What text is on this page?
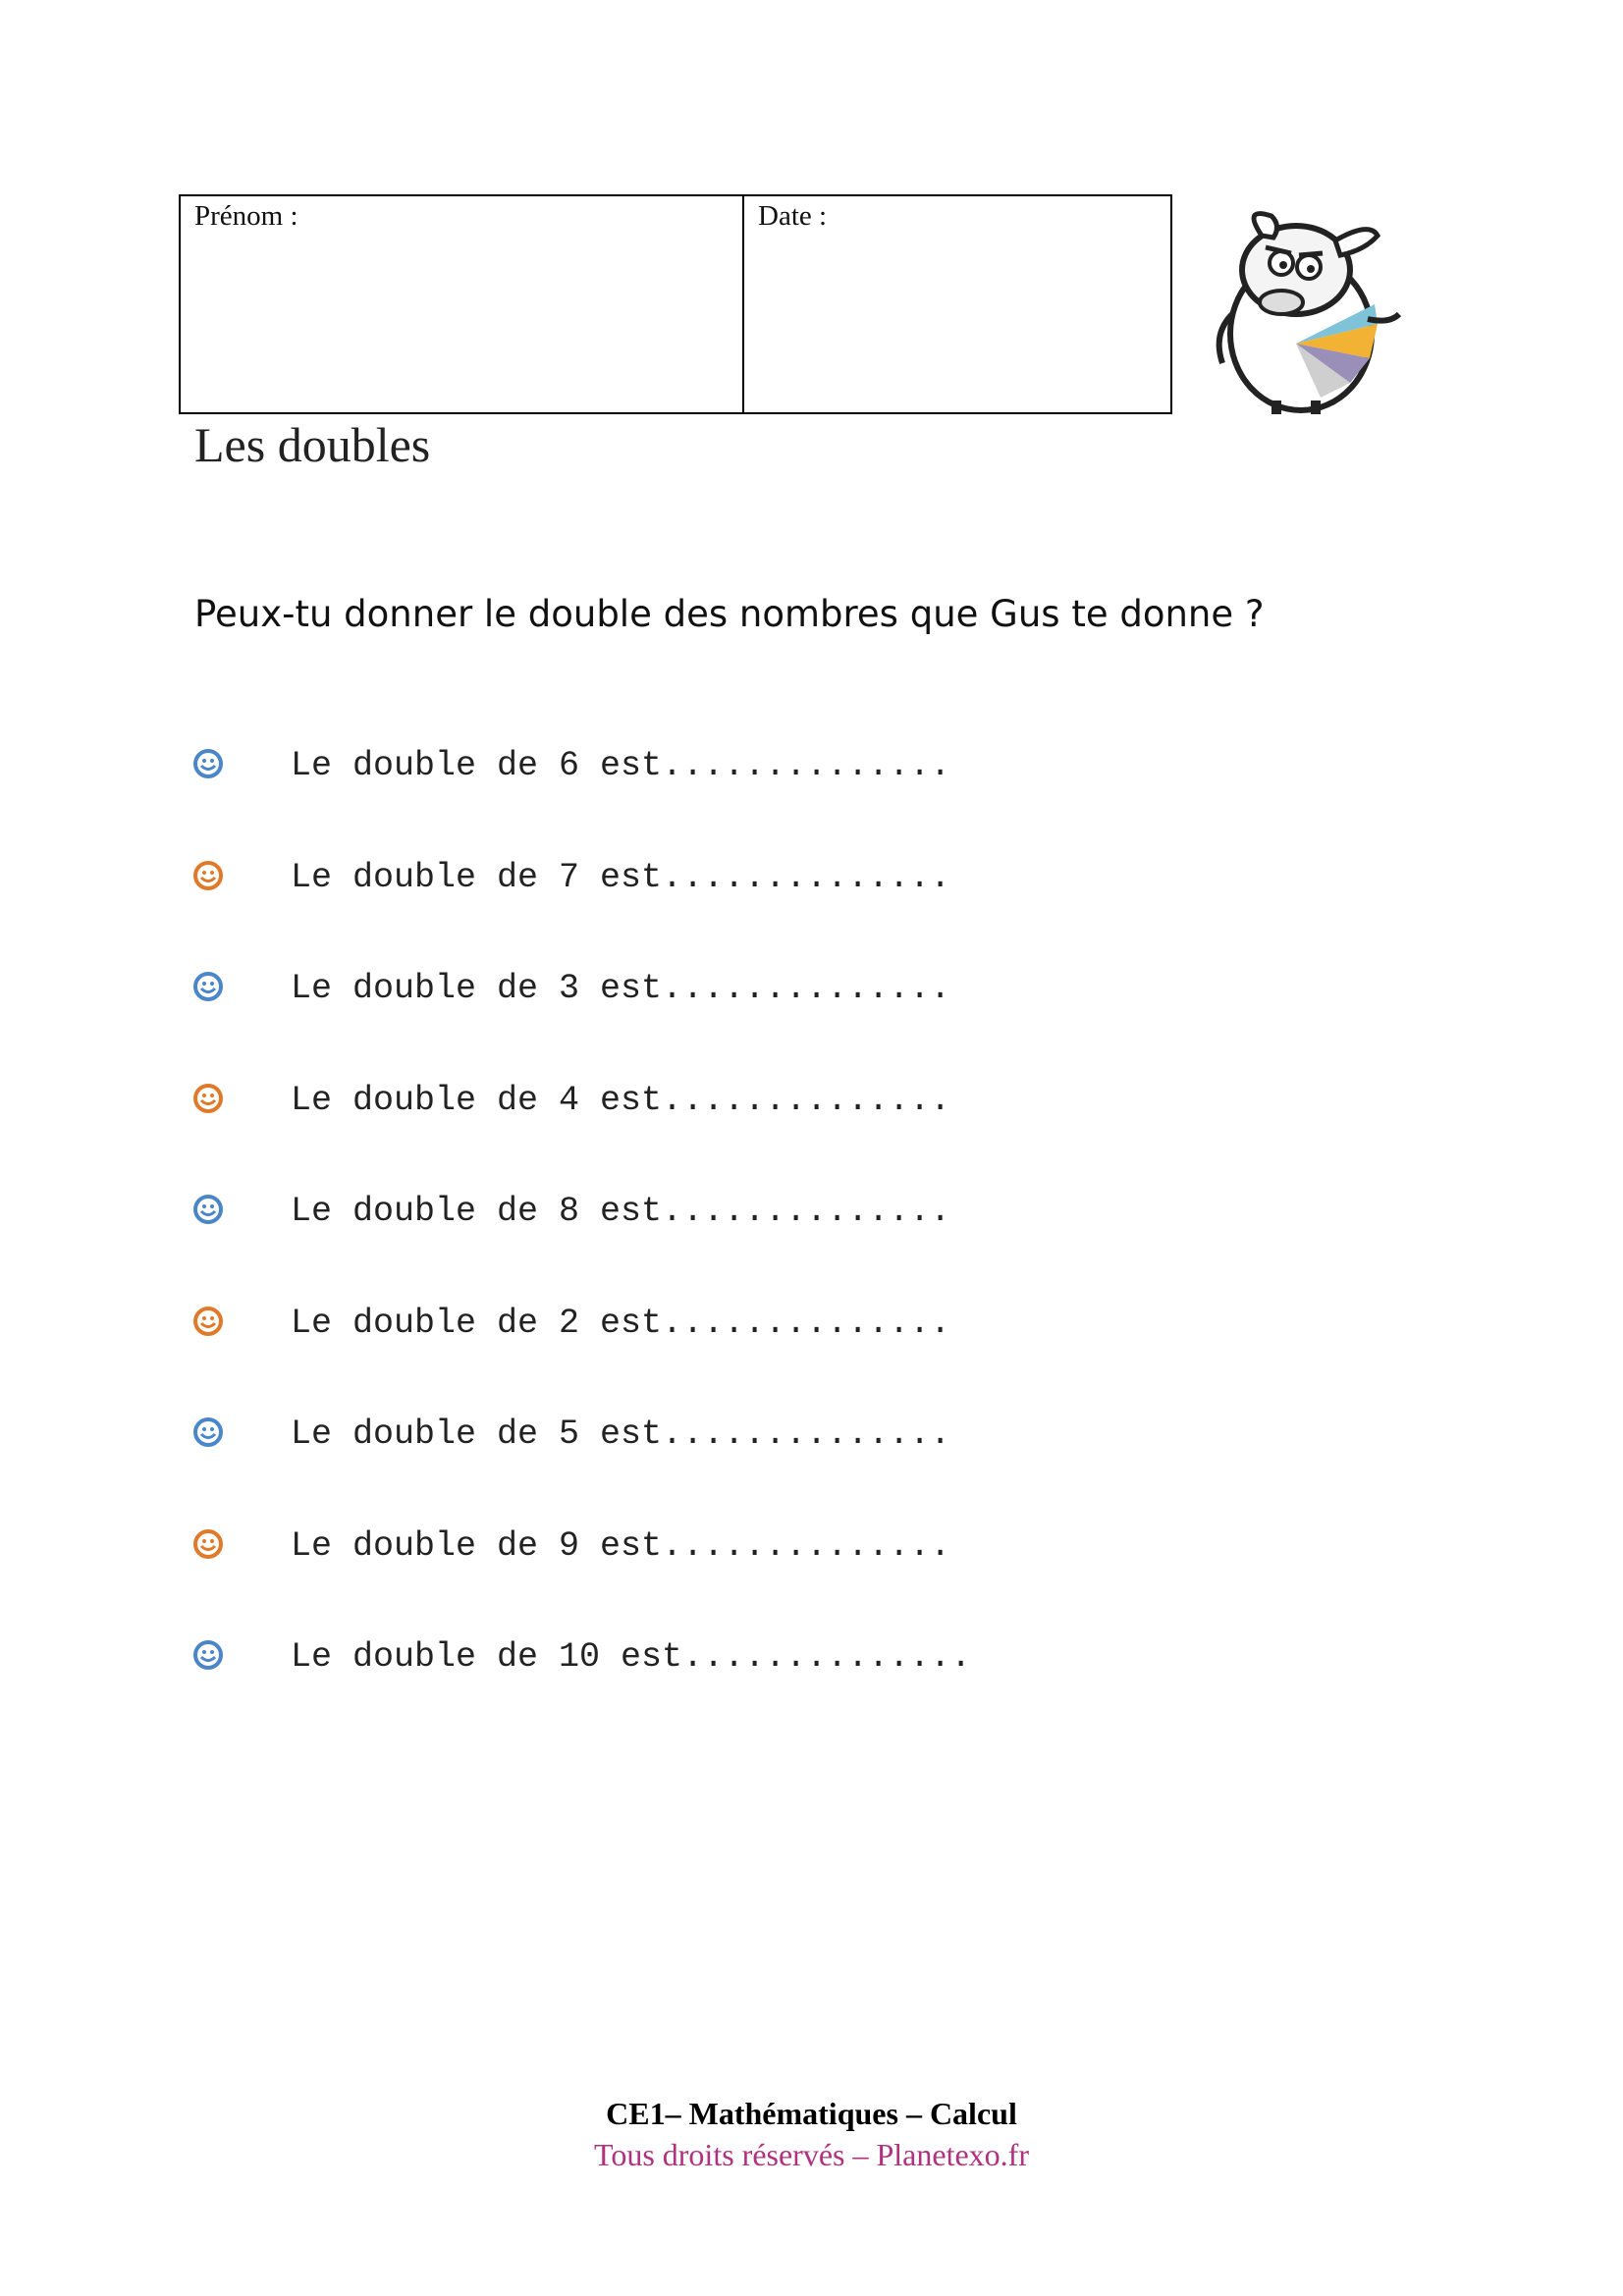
Prénom :	Date :
Les doubles

Peux-tu donner le double des nombres que Gus te donne ?

Le double de 6 est..............
Le double de 7 est..............
Le double de 3 est..............
Le double de 4 est..............
Le double de 8 est..............
Le double de 2 est..............
Le double de 5 est..............
Le double de 9 est..............
Le double de 10 est..............
CE1– Mathématiques – Calcul
Tous droits réservés – Planetexo.fr
